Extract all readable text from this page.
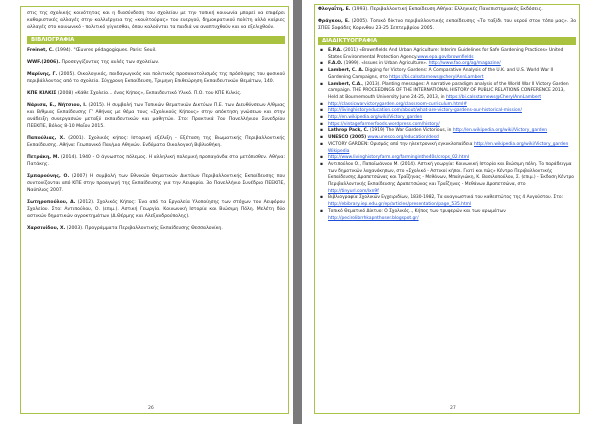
στις της σχολικής κοινότητας και η διασύνδεση του σχολείου με την τοπική κοινωνία μπορεί να επιφέρει καθοριστικές αλλαγές στην καλλιέργεια της «κουλτούρας» του ενεργού, δημοκρατικού πολίτη αλλά καίριες αλλαγές στο κοινωνικό - πολιτικό γίγνεσθαι, όπου καλούνται τα παιδιά να αναπτυχθούν και να εξελιχθούν.

ΒΙΒΛΙΟΓΡΑΦΙΑ

Freinet, C. (1994). "Œuvres pédagogiques. Paris: Seuil.

WWF.(2006). Προσεγγίζοντας της αυλές των σχολείων.

Μαρίνης, Γ. (2005). Οικολογικός, παιδαγωγικός και πολιτικός προσανατολισμός της πρόσληψης του φυσικού περιβάλλοντος από το σχολείο. Σύγχρονη Εκπαίδευση, Τριμηνη Επιθεώρηση Εκπαιδευτικών Θεμάτων, 140.

ΚΠΕ ΚΙΛΚΙΣ (2008) «Κάθε Σχολείο... ένας Κήπος», Εκπαιδευτικό Υλικό. Π.Ο. του ΚΠΕ Κιλκίς.

Νάρισα, Ε., Νήτσιου, Ι. (2015). Η συμβολή των Τοπικών Θεματικών Δικτύων Π.Ε. των Διευθύνσεων Α/θμιας και Β/θμιας Εκπαίδευσης Γ' Αθήνας με θέμα τους «Σχολικούς Κήπους» στην απόκτηση γνώσεων και στην ανάδειξη συνεργασιών μεταξύ εκπαιδευτικών και μαθητών. Στο: Πρακτικά 7ου Πανελλήνιου Συνεδρίου ΠΕΕΚΠΕ, Βόλος 8-10 Μαΐου 2015.

Παπούλιας, Χ. (2001). Σχολικός κήπος: Ιστορική εξέλιξη - Εξέταση της Βιωματικής Περιβαλλοντικής Εκπαίδευσης. Αθήνα: Γεωπονικό Παν/μιο Αθηνών. Ενδύματα Οικολογική Βιβλιοθήκη.

Πετράκη, Μ. (2014). 1940 - Ο άγνωστος πόλεμος. Η αλληλική πολεμική προπαγάνδα στα μετόπισθεν. Αθήνα: Πατάκης.

Σμπαρούνης, Ο. (2007) Η συμβολή των Εθνικών Θεματικών Δικτύων Περιβαλλοντικής Εκπαίδευσης που συντονίζονται από ΚΠΕ στην προαγωγή της Εκπαίδευσης για την Αειφορία. 3ο Πανελλήνιο Συνέδριο ΠΕΕΚΠΕ, Ναύπλιος 2007.

Σωτηροπούλου, Α. (2012). Σχολικός Κήπος: Ένα από τα Εργαλεία Υλοποίησης των στόχων του Αειφόρου Σχολείου. Στο: Αντιπούλου, Ο. (επιμ.). Αστική Γεωργία. Κοινωνική Ιστορία και Βιώσιμη Πόλη. Μελέτη δύο αστικών δημοτικών αγροκτημάτων (Δ.Θέρμης και Αλεξανδρούπολης).

Χαρσινίδου, Χ. (2003). Προγράμματα Περιβαλλοντικής Εκπαίδευσης Θεσσαλονίκη.

26

Φλογαΐτη, Ε. (1993). Περιβαλλοντική Εκπαίδευση.Αθήνα: Ελληνικές Πανεπιστημιακές Εκδόσεις.

Φράγκου, Ε. (2005). Τοπικό δίκτυο περιβαλλοντικής εκπαίδευσης «Το ταξίδι του νερού στον τόπο μας». 3ο ΣΠΕΕ Σοφάδες Κορινθου 23-25 Σεπτεμβρίου 2005.

ΔΙΑΔΙΚΤΥΟΓΡΑΦΙΑ
▪ E.P.A. (2011) «Brownfields And Urban Agriculture: Interim Guidelines for Safe Gardening Practices» United States Environmental Protection Agency.www.epa.gov/brownfields
▪ F.A.O. (1999). «Issues in Urban Agriculture». http://www.fao.org/ag/magazine/
▪ Lambert, C. A. Digging for Victory Gardens: A Comparative Analysis of the U.K. and U.S. World War II Gardening Campaigns, στο https://bi.calsstarnews@cherylAnnLambert
▪ Lambert, C.A., (2013). Planting messages: A narrative paradigm analysis of the World War II Victory Garden campaign. THE PROCEEDINGS OF THE INTERNATIONAL HISTORY OF PUBLIC RELATIONS CONFERENCE 2013, Held at Bournemouth University June 24-25, 2013, in https://bi.calsstarnews@CherylAnnLambert
▪ http://classicwarvictorygarden.org/classroom-curriculum.html#
▪ http://livinghistoryeducation.com/about/what-are-victory-gardens-our-historical-mission/
▪ http://en.wikipedia.org/wiki/Victory_garden
▪ https://vintagefarmerfoods.wordpress.com/history/
▪ Lathrop Pack, C. (1919) The War Garden Victorious, in http://en.wikipedia.org/wiki/Victory_garden
▪ UNESCO (2005) www.unesco.org/education/desd
▪ VICTORY GARDEN: Ορισμός από την ηλεκτρονική εγκυκλοπαίδεια http://en.wikipedia.org/wiki/Victory_garden Wikipedia
▪ http://www.livinghistoryfarm.org/farminginthe40s/crops_02.html
▪ Αντιπούλου Ο., Παπαϊωάννου Μ. (2014). Αστική γεωργία: Κοινωνική Ιστορία και Βιώσιμη πόλη. Το παράδειγμα των δημοτικών λαχανόκηπων, στο «Σχολικό - Αστικοί κήποι. Γιατί και πώς» Κέντρο Περιβαλλοντικής Εκπαίδευσης Δραπετσώνας και Τραΐζηνας - Μεθάνων, Μπαλγιώκη, Κ. Βασιλοπούλου, Σ. (επιμ.) - Έκδοση Κέντρο Περιβαλλοντικής Εκπαίδευσης Δραπετσώνας και Τραΐζηνας - Μεθάνων Δραπετσώνα, στο http://tinyurl.com/lxn9f
▪ Βιβλιογραφία Σχολικών Εγχειριδίων, 1830-1982, Τα αναγνωστικά του καθεστώτος της 4 Αυγούστου. Στο: http://ebibrary.iep.edu.gr/ep/articles/presentation/page_535.html
▪ Τοπικό Θεματικό Δίκτυο: Ο Σχολικός.., Κήπος των τρυφερών και των αρωμάτων http://pecirolibrrhkapnthoser.blogspot.gr/
27
